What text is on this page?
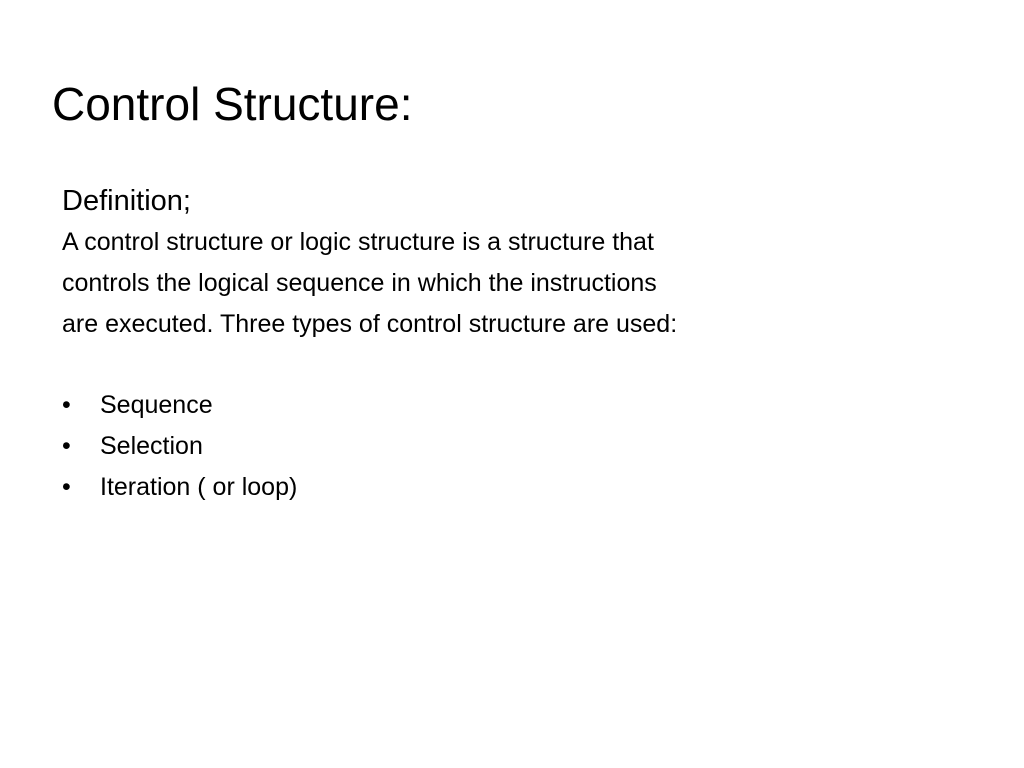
Control Structure:

Definition;

A control structure or logic structure is a structure that

controls the logical sequence in which the instructions

are executed. Three types of control structure are used:

• Sequence
• Selection
• Iteration ( or loop)
